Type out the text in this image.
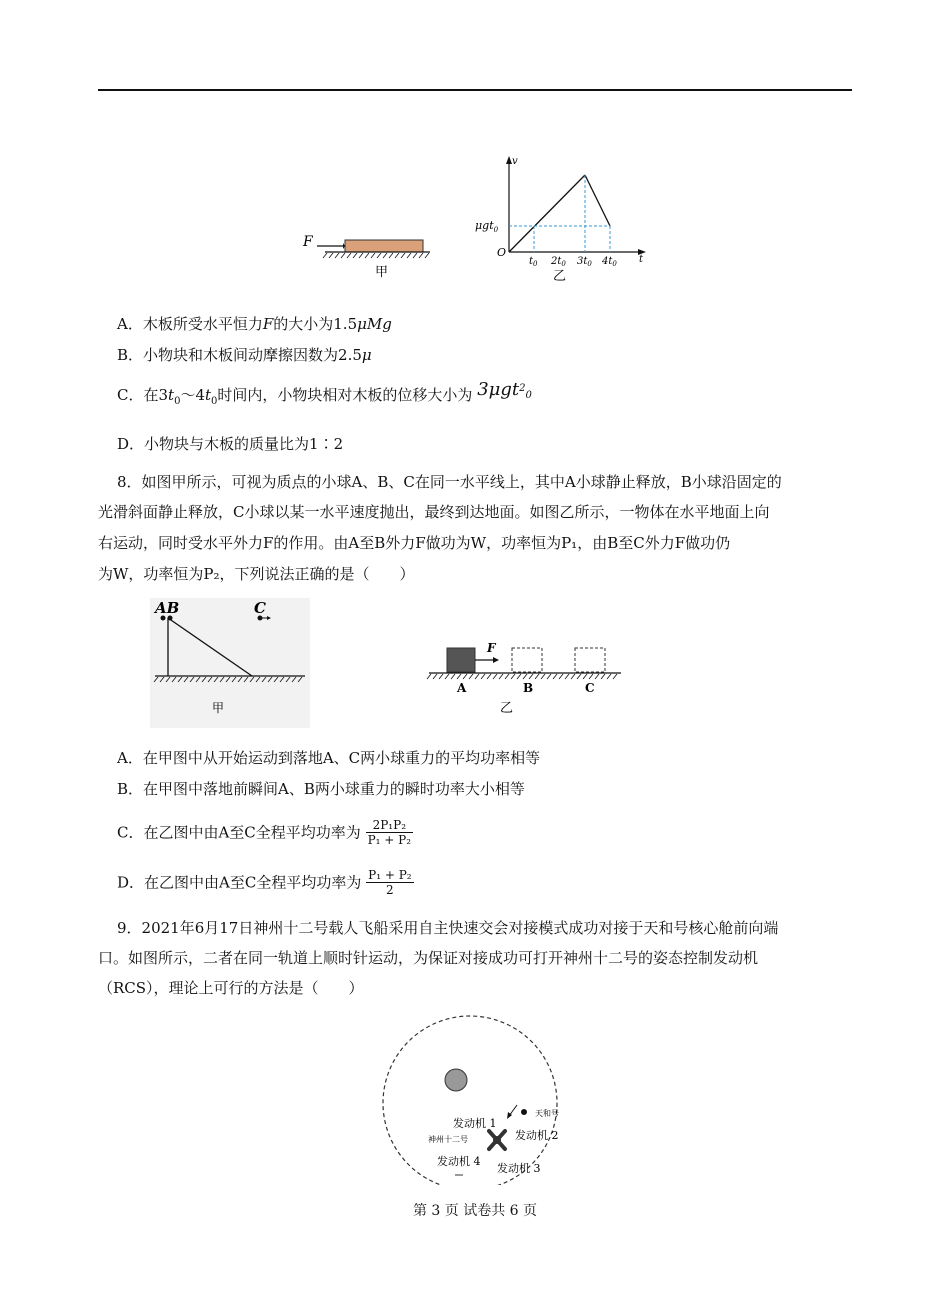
F
甲
v
t
O
μgt$_0$
$t_0$ $2t_0$ $3t_0$ $4t_0$
乙
A．木板所受水平恒力F的大小为1.5μMg
B．小物块和木板间动摩擦因数为2.5μ
C．在$3t_0\sim 4t_0$时间内，小物块相对木板的位移大小为 3μgt$^2_0$
D．小物块与木板的质量比为1∶2
8．如图甲所示，可视为质点的小球A、B、C在同一水平线上，其中A小球静止释放，B小球沿固定的
光滑斜面静止释放，C小球以某一水平速度抛出，最终到达地面。如图乙所示，一物体在水平地面上向
右运动，同时受水平外力F的作用。由A至B外力F做功为W，功率恒为P₁，由B至C外力F做功仍
为W，功率恒为P₂，下列说法正确的是（　　）
AB	C
甲
F
A	B	C
乙
A．在甲图中从开始运动到落地A、C两小球重力的平均功率相等
B．在甲图中落地前瞬间A、B两小球重力的瞬时功率大小相等
C．在乙图中由A至C全程平均功率为 $\frac{\text{2P₁P₂}}{\text{P₁ + P₂}}$
D．在乙图中由A至C全程平均功率为 $\frac{\text{P₁ + P₂}}{2}$
9．2021年6月17日神州十二号载人飞船采用自主快速交会对接模式成功对接于天和号核心舱前向端
口。如图所示，二者在同一轨道上顺时针运动，为保证对接成功可打开神州十二号的姿态控制发动机
（RCS），理论上可行的方法是（　　）
发动机 1
发动机 2
发动机 3
发动机 4
天和号
神州十二号
第 3 页 试卷共 6 页
